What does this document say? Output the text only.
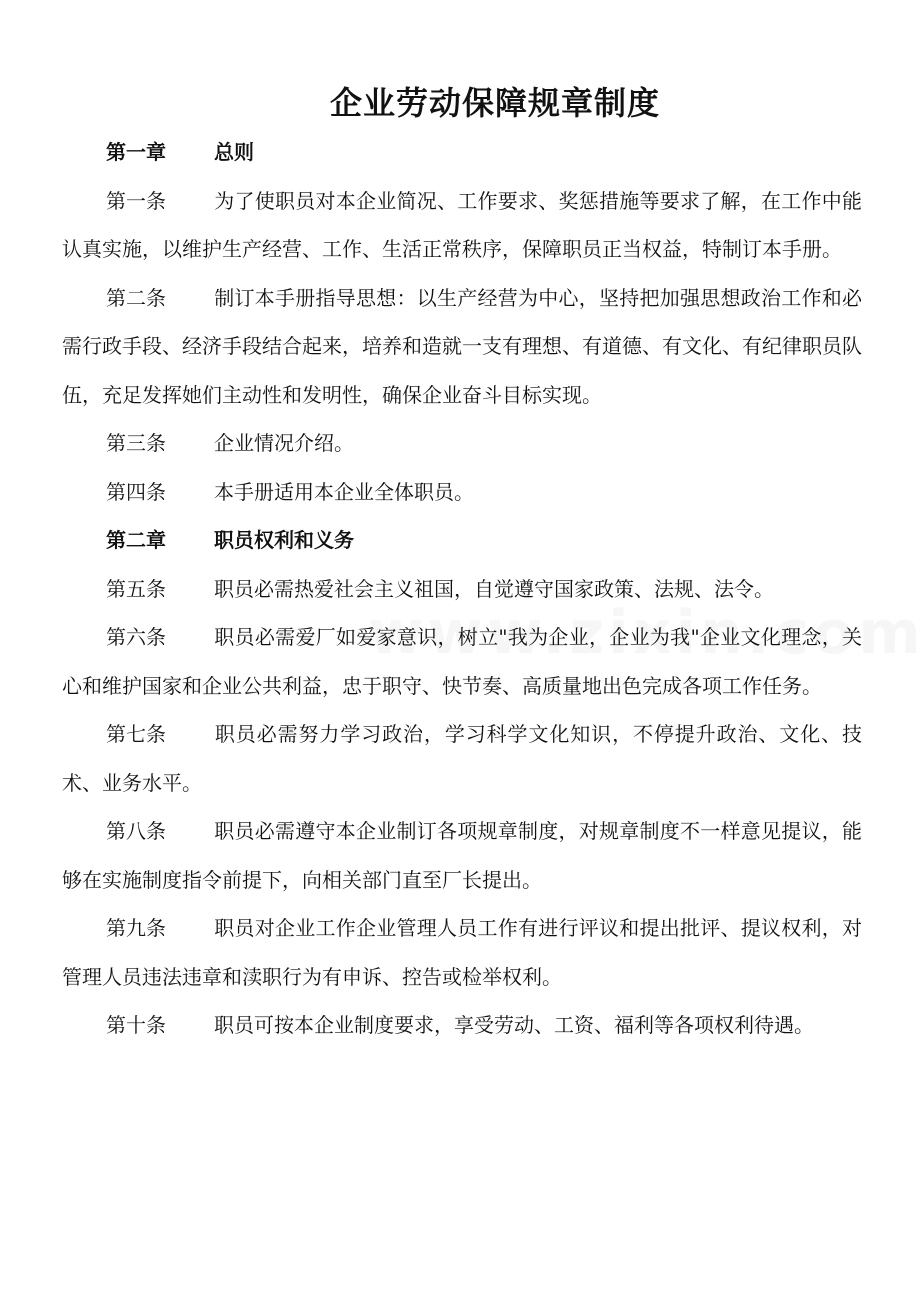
企业劳动保障规章制度

第一章 总则

第一条 为了使职员对本企业简况、工作要求、奖惩措施等要求了解，在工作中能认真实施，以维护生产经营、工作、生活正常秩序，保障职员正当权益，特制订本手册。

第二条 制订本手册指导思想：以生产经营为中心，坚持把加强思想政治工作和必需行政手段、经济手段结合起来，培养和造就一支有理想、有道德、有文化、有纪律职员队伍，充足发挥她们主动性和发明性，确保企业奋斗目标实现。

第三条 企业情况介绍。

第四条 本手册适用本企业全体职员。

第二章 职员权利和义务

第五条 职员必需热爱社会主义祖国，自觉遵守国家政策、法规、法令。

第六条 职员必需爱厂如爱家意识，树立"我为企业，企业为我"企业文化理念，关心和维护国家和企业公共利益，忠于职守、快节奏、高质量地出色完成各项工作任务。

第七条 职员必需努力学习政治，学习科学文化知识，不停提升政治、文化、技术、业务水平。

第八条 职员必需遵守本企业制订各项规章制度，对规章制度不一样意见提议，能够在实施制度指令前提下，向相关部门直至厂长提出。

第九条 职员对企业工作企业管理人员工作有进行评议和提出批评、提议权利，对管理人员违法违章和渎职行为有申诉、控告或检举权利。

第十条 职员可按本企业制度要求，享受劳动、工资、福利等各项权利待遇。
